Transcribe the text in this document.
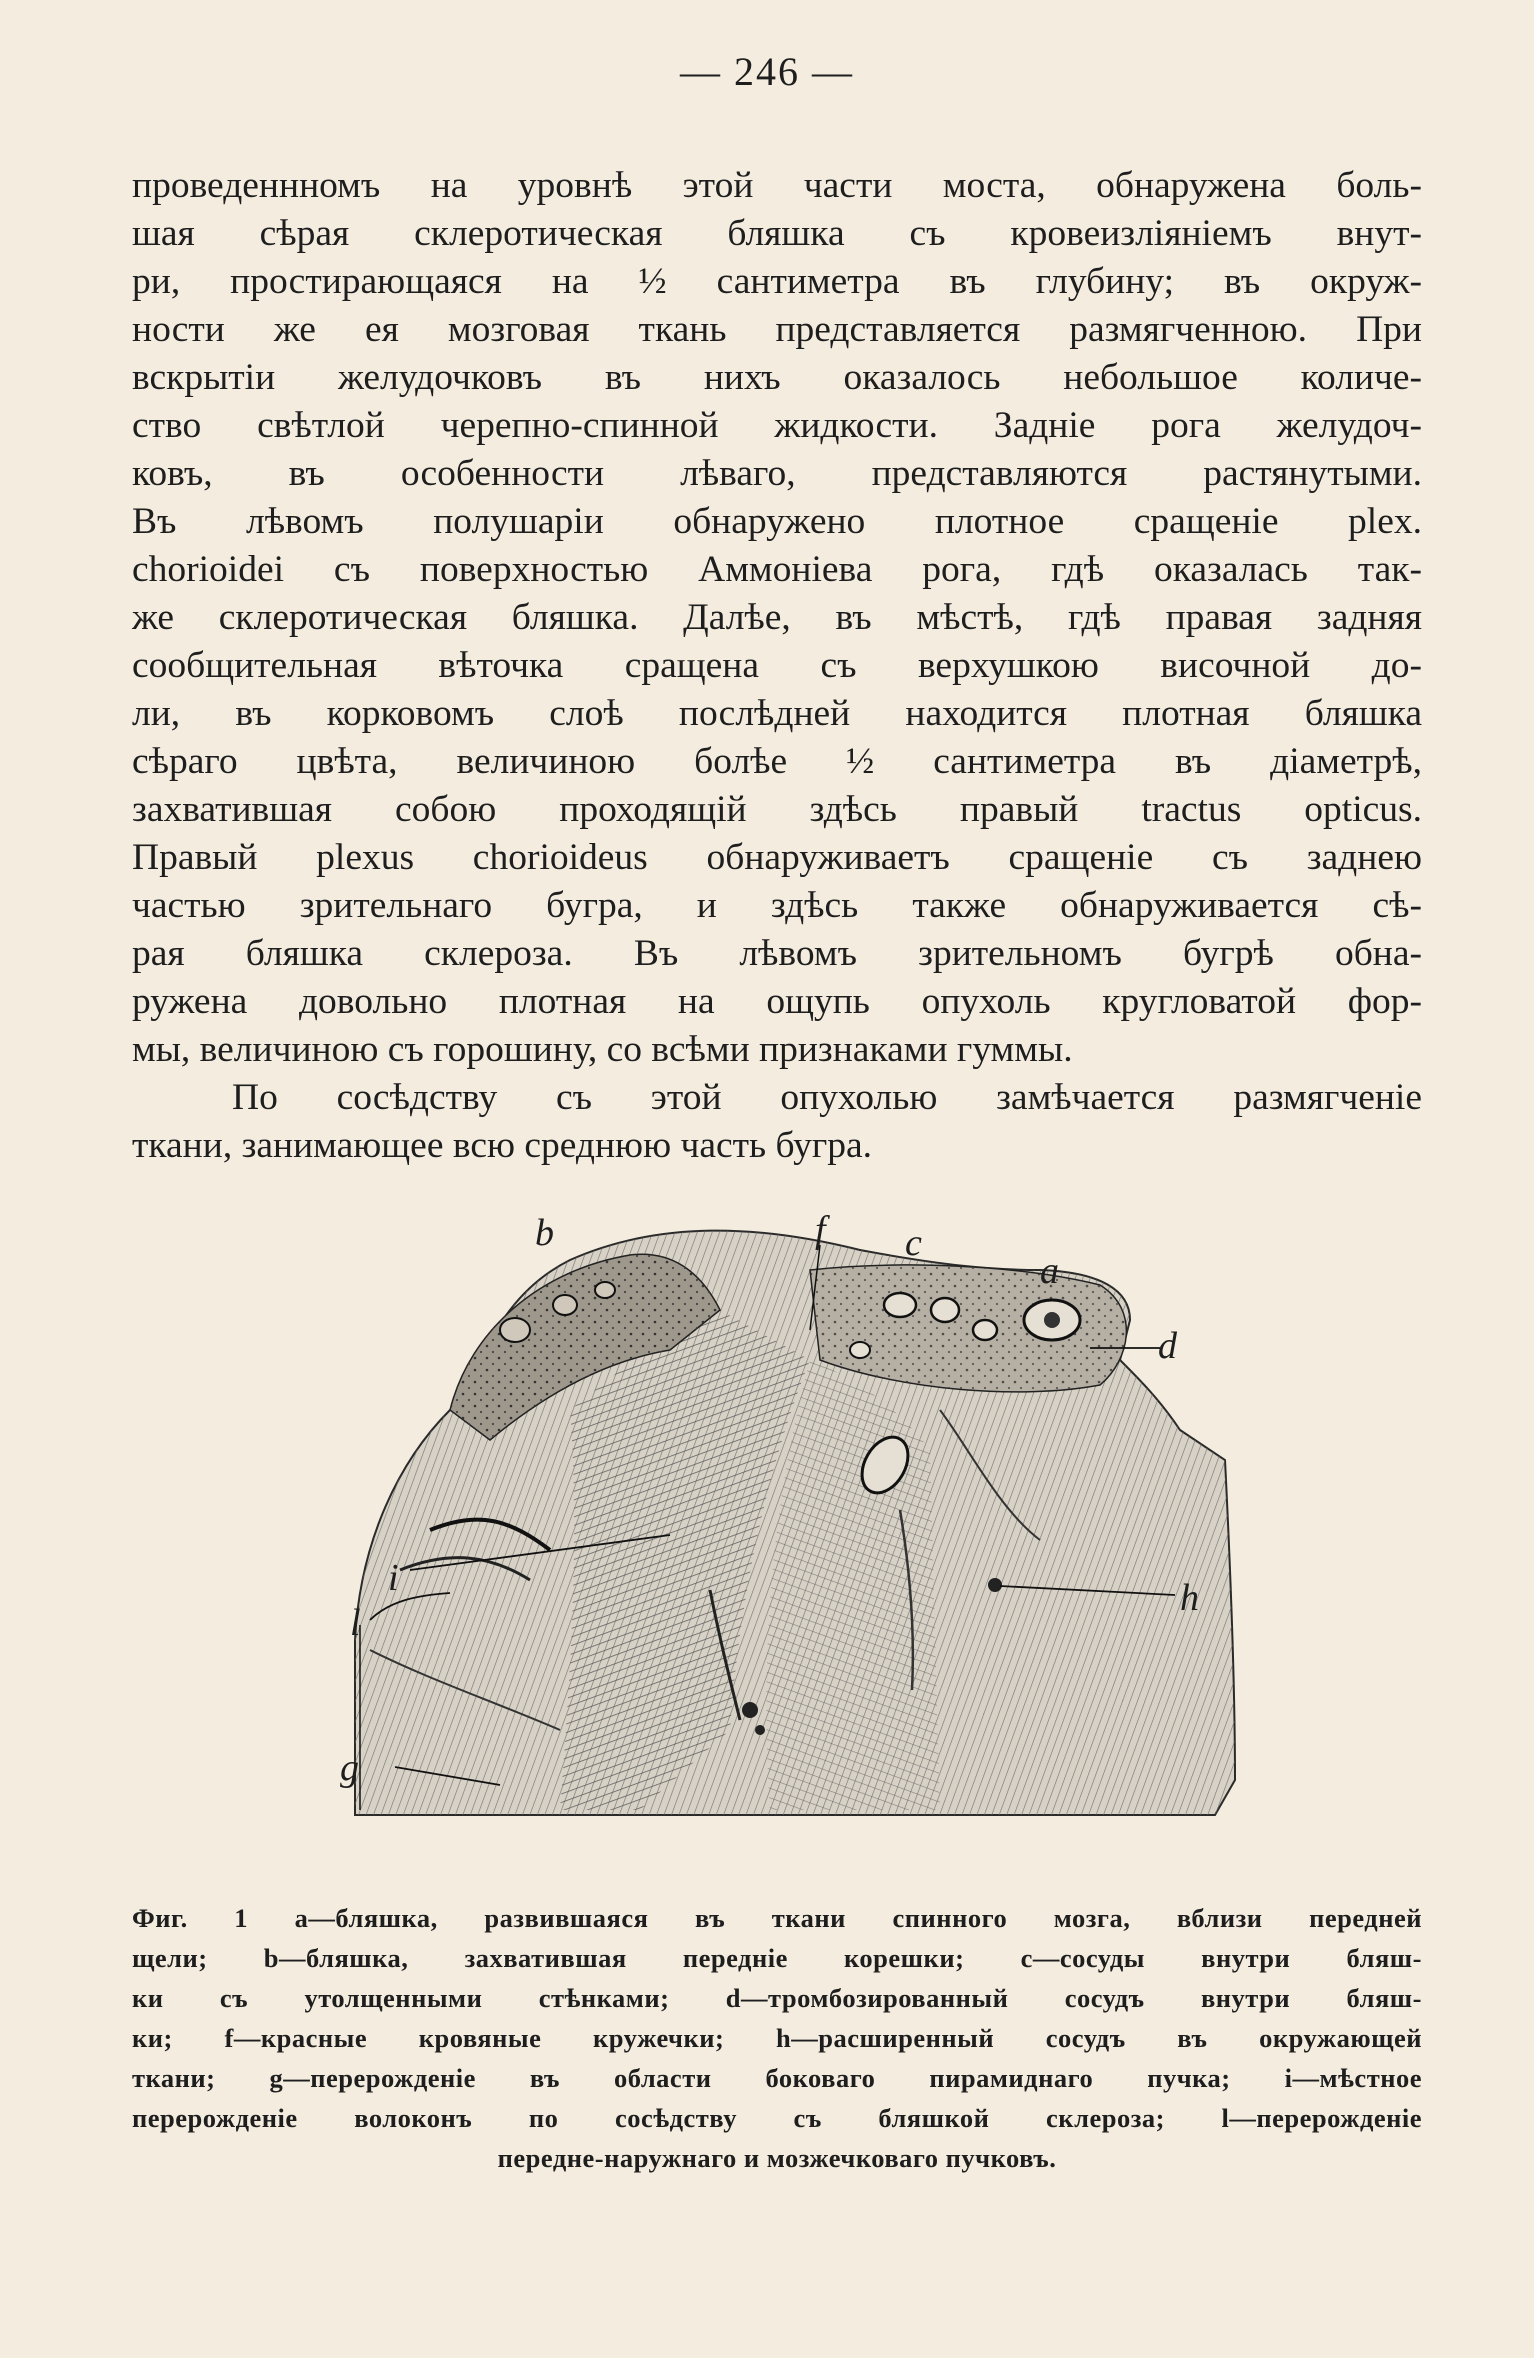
— 246 —
проведеннномъ на уровнѣ этой части моста, обнаружена боль-
шая сѣрая склеротическая бляшка съ кровеизліяніемъ внут-
ри, простирающаяся на ½ сантиметра въ глубину; въ окруж-
ности же ея мозговая ткань представляется размягченною. При
вскрытіи желудочковъ въ нихъ оказалось небольшое количе-
ство свѣтлой черепно-спинной жидкости. Задніе рога желудоч-
ковъ, въ особенности лѣваго, представляются растянутыми.
Въ лѣвомъ полушаріи обнаружено плотное сращеніе plex.
chorioidei съ поверхностью Аммоніева рога, гдѣ оказалась так-
же склеротическая бляшка. Далѣе, въ мѣстѣ, гдѣ правая задняя
сообщительная вѣточка сращена съ верхушкою височной до-
ли, въ корковомъ слоѣ послѣдней находится плотная бляшка
сѣраго цвѣта, величиною болѣе ½ сантиметра въ діаметрѣ,
захватившая собою проходящій здѣсь правый tractus opticus.
Правый plexus chorioideus обнаруживаетъ сращеніе съ заднею
частью зрительнаго бугра, и здѣсь также обнаруживается сѣ-
рая бляшка склероза. Въ лѣвомъ зрительномъ бугрѣ обна-
ружена довольно плотная на ощупь опухоль кругловатой фор-
мы, величиною съ горошину, со всѣми признаками гуммы.
По сосѣдству съ этой опухолью замѣчается размягченіе
ткани, занимающее всю среднюю часть бугра.
b	f c
a
d
i
l
h
g
Фиг. 1 a—бляшка, развившаяся въ ткани спинного мозга, вблизи передней
щели; b—бляшка, захватившая передніе корешки; c—сосуды внутри бляш-
ки съ утолщенными стѣнками; d—тромбозированный сосудъ внутри бляш-
ки; f—красные кровяные кружечки; h—расширенный сосудъ въ окружающей
ткани; g—перерожденіе въ области боковаго пирамиднаго пучка; i—мѣстное
перерожденіе волоконъ по сосѣдству съ бляшкой склероза; l—перерожденіе
передне-наружнаго и мозжечковаго пучковъ.
